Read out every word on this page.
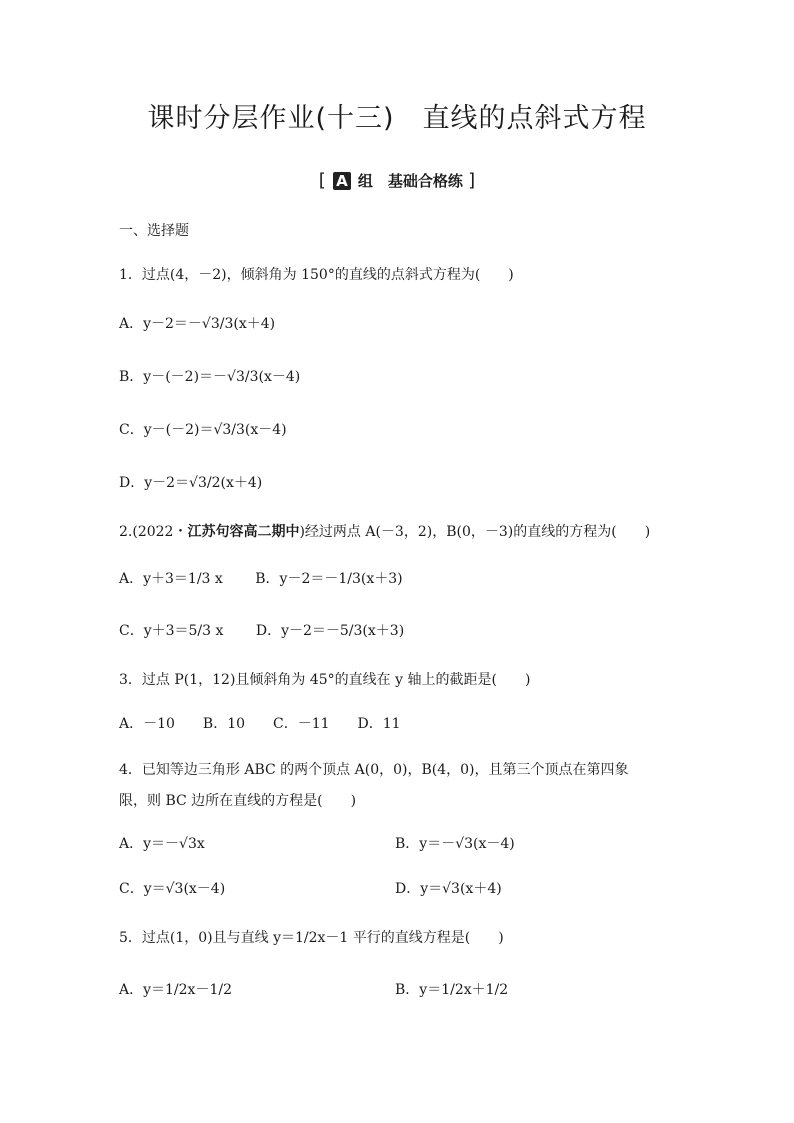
课时分层作业(十三)　直线的点斜式方程
[ A 组　基础合格练 ]
一、选择题
1．过点(4，－2)，倾斜角为 150°的直线的点斜式方程为(　　)
A．y－2＝－√3/3(x＋4)
B．y－(－2)＝－√3/3(x－4)
C．y－(－2)＝√3/3(x－4)
D．y－2＝√3/2(x＋4)
2.(2022・江苏句容高二期中)经过两点 A(－3，2)，B(0，－3)的直线的方程为(　　)
A．y＋3＝1/3 x B．y－2＝－1/3(x＋3)
C．y＋3＝5/3 x D．y－2＝－5/3(x＋3)
3．过点 P(1，12)且倾斜角为 45°的直线在 y 轴上的截距是(　　)
A．－10　　B．10　　C．－11　　D．11
4．已知等边三角形 ABC 的两个顶点 A(0，0)，B(4，0)，且第三个顶点在第四象
限，则 BC 边所在直线的方程是(　　)
A．y＝－√3x	B．y＝－√3(x－4)
C．y＝√3(x－4)	D．y＝√3(x＋4)
5．过点(1，0)且与直线 y＝1/2x－1 平行的直线方程是(　　)
A．y＝1/2x－1/2	B．y＝1/2x＋1/2
